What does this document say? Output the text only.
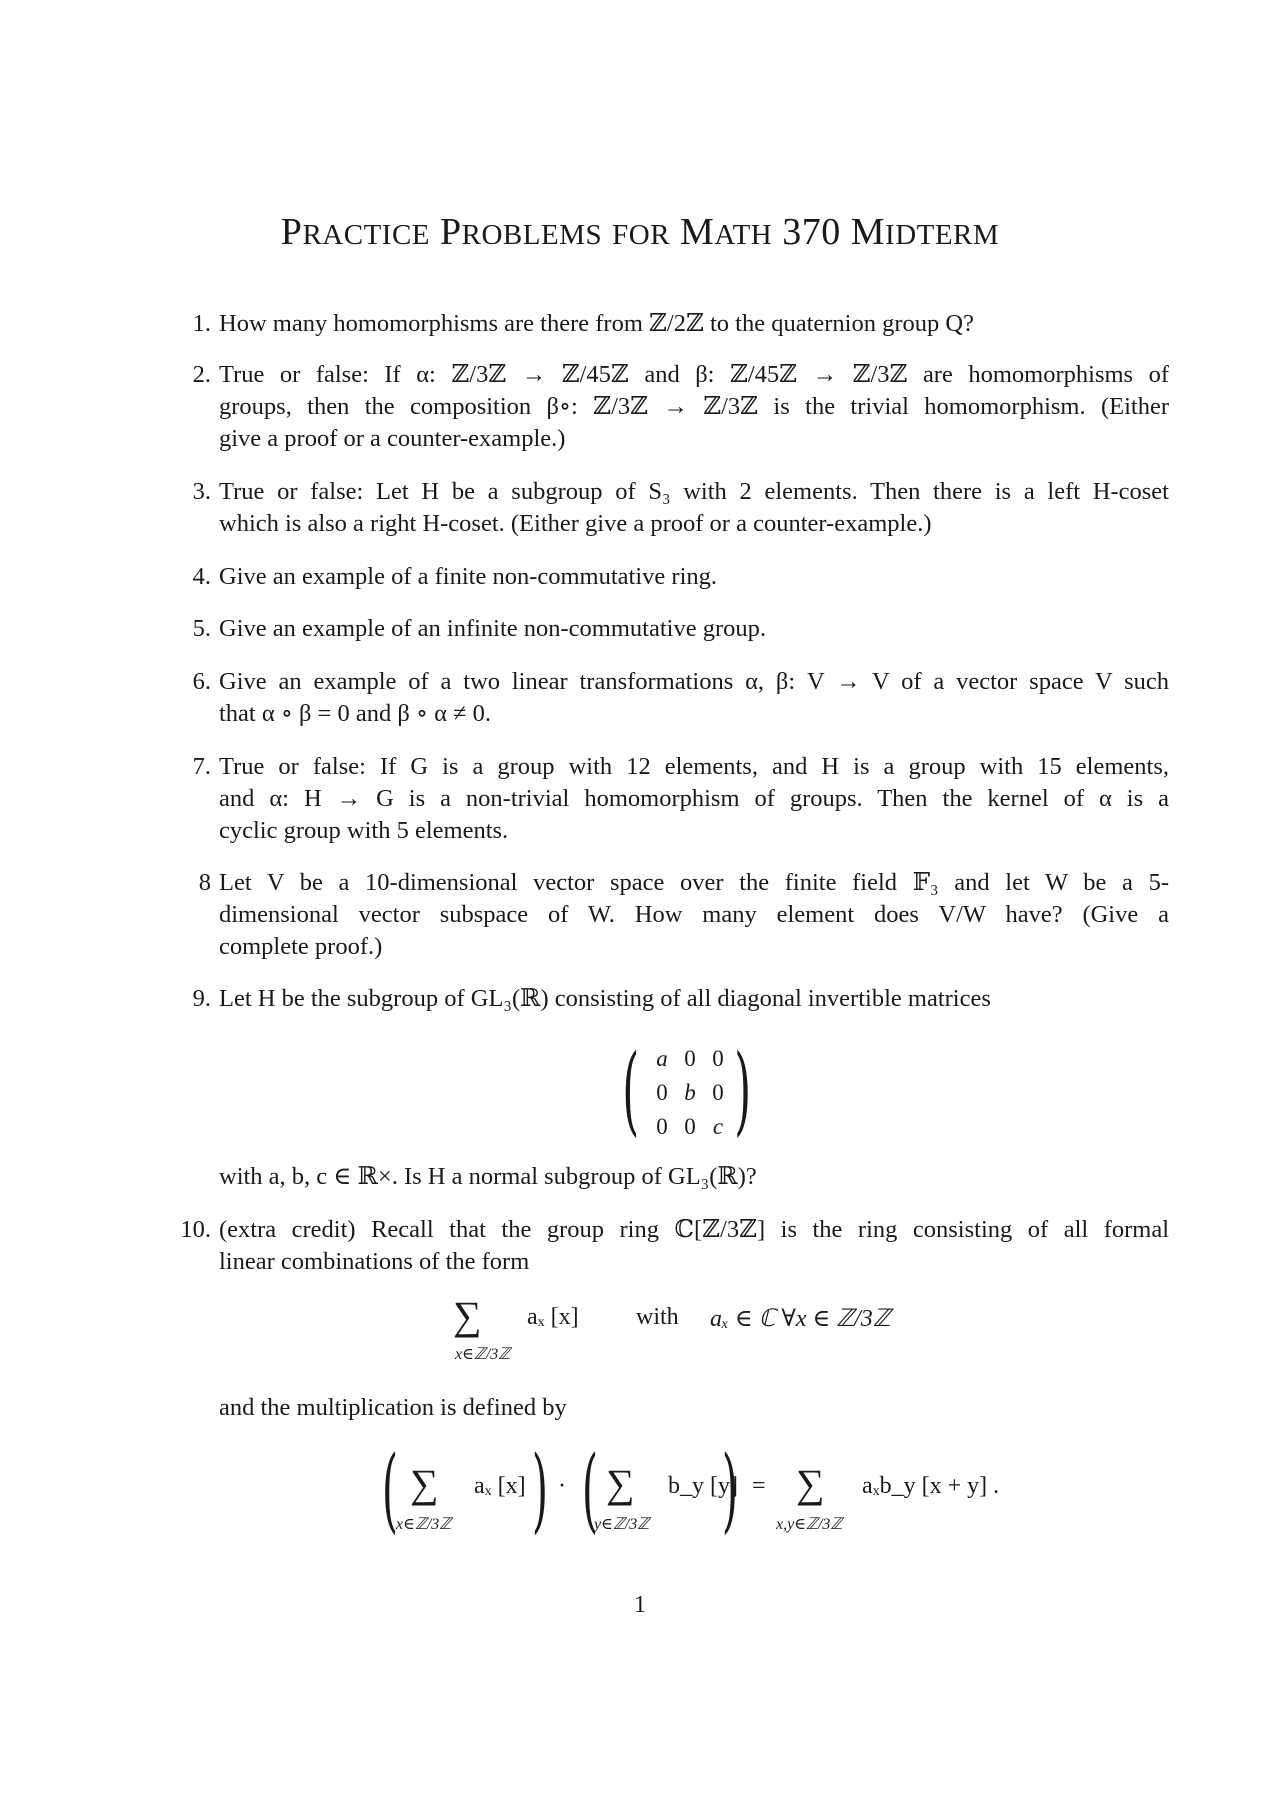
PRACTICE PROBLEMS FOR MATH 370 MIDTERM
1. How many homomorphisms are there from ℤ/2ℤ to the quaternion group Q?
2. True or false: If α: ℤ/3ℤ → ℤ/45ℤ and β: ℤ/45ℤ → ℤ/3ℤ are homomorphisms of
groups, then the composition β∘: ℤ/3ℤ → ℤ/3ℤ is the trivial homomorphism. (Either
give a proof or a counter-example.)
3. True or false: Let H be a subgroup of S₃ with 2 elements. Then there is a left H-coset
which is also a right H-coset. (Either give a proof or a counter-example.)
4. Give an example of a finite non-commutative ring.
5. Give an example of an infinite non-commutative group.
6. Give an example of a two linear transformations α, β: V → V of a vector space V such
that α ∘ β = 0 and β ∘ α ≠ 0.
7. True or false: If G is a group with 12 elements, and H is a group with 15 elements,
and α: H → G is a non-trivial homomorphism of groups. Then the kernel of α is a
cyclic group with 5 elements.
8 Let V be a 10-dimensional vector space over the finite field 𝔽₃ and let W be a 5-
dimensional vector subspace of W. How many element does V/W have? (Give a
complete proof.)
9. Let H be the subgroup of GL₃(ℝ) consisting of all diagonal invertible matrices
( a 0 0
0 b 0
0 0 c )
with a, b, c ∈ ℝ×. Is H a normal subgroup of GL₃(ℝ)?
10. (extra credit) Recall that the group ring ℂ[ℤ/3ℤ] is the ring consisting of all formal
linear combinations of the form
∑ aₓ [x]
x∈ℤ/3ℤ
with aₓ ∈ ℂ ∀x ∈ ℤ/3ℤ
and the multiplication is defined by
( ∑ aₓ [x]
x∈ℤ/3ℤ ) · ( ∑ b_y [y]
y∈ℤ/3ℤ ) = ∑ aₓb_y [x + y] .
x,y∈ℤ/3ℤ
1
